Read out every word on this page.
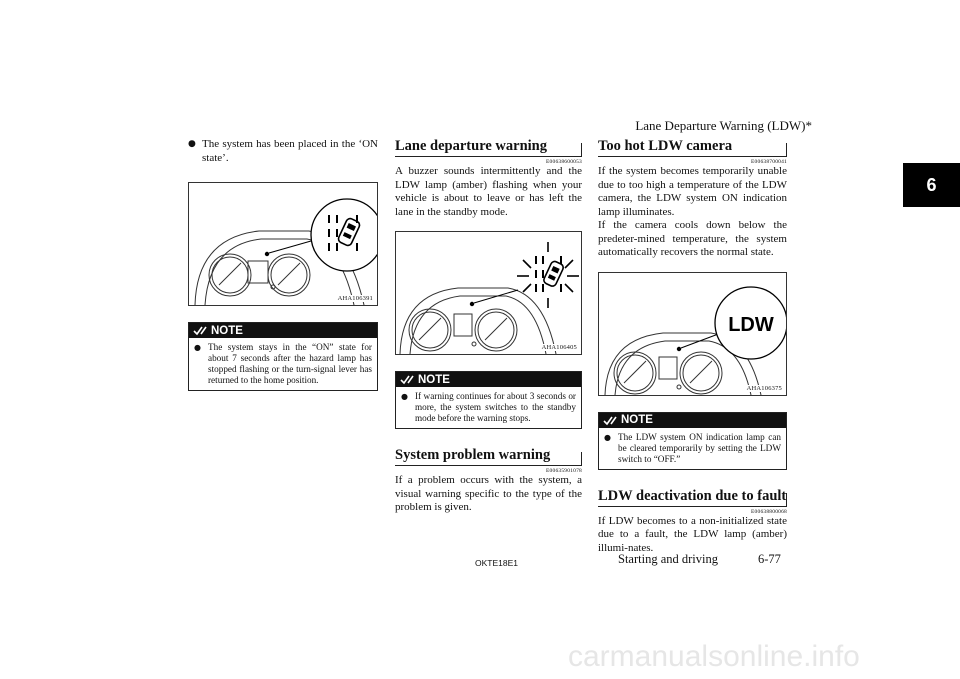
Lane Departure Warning (LDW)*
6
● The system has been placed in the ‘ON state’.
AHA106391
NOTE
● The system stays in the “ON” state for about 7 seconds after the hazard lamp has stopped flashing or the turn-signal lever has returned to the home position.
Lane departure warning
E00638600053

A buzzer sounds intermittently and the LDW lamp (amber) flashing when your vehicle is about to leave or has left the lane in the standby mode.

AHA106405
NOTE
● If warning continues for about 3 seconds or more, the system switches to the standby mode before the warning stops.
System problem warning
E00635901078

If a problem occurs with the system, a visual warning specific to the type of the problem is given.

Too hot LDW camera
E00638700041

If the system becomes temporarily unable due to too high a temperature of the LDW camera, the LDW system ON indication lamp illuminates.

If the camera cools down below the predeter-mined temperature, the system automatically recovers the normal state.

LDW
AHA106375
NOTE
● The LDW system ON indication lamp can be cleared temporarily by setting the LDW switch to “OFF.”
LDW deactivation due to fault
E00638800068

If LDW becomes to a non-initialized state due to a fault, the LDW lamp (amber) illumi-nates.

OKTE18E1	Starting and driving	6-77
carmanualsonline.info
